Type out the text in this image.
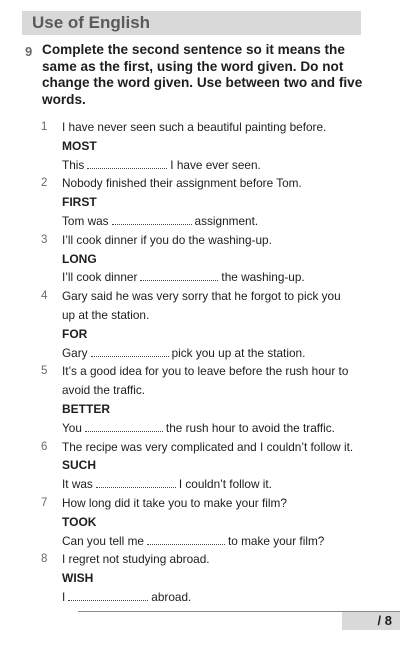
Use of English
9 Complete the second sentence so it means the same as the first, using the word given. Do not change the word given. Use between two and five words.
1	I have never seen such a beautiful painting before.
MOST
This	I have ever seen.
2	Nobody finished their assignment before Tom.
FIRST
Tom was	assignment.
3	I’ll cook dinner if you do the washing-up.
LONG
I’ll cook dinner	the washing-up.
4	Gary said he was very sorry that he forgot to pick you
up at the station.
FOR
Gary	pick you up at the station.
5	It’s a good idea for you to leave before the rush hour to
avoid the traffic.
BETTER
You	the rush hour to avoid the traffic.
6	The recipe was very complicated and I couldn’t follow it.
SUCH
It was	I couldn’t follow it.
7	How long did it take you to make your film?
TOOK
Can you tell me	to make your film?
8	I regret not studying abroad.
WISH
I	abroad.
/ 8
